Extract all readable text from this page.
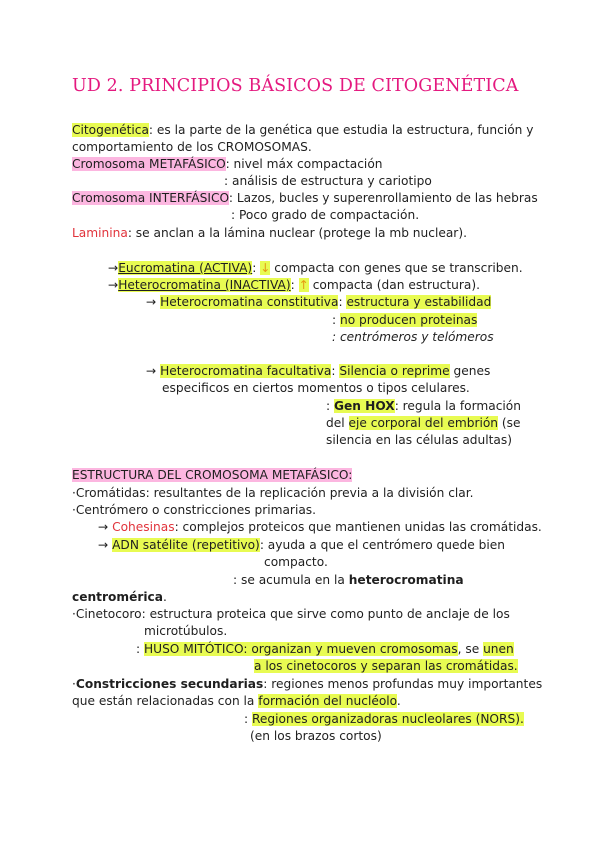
UD 2. PRINCIPIOS BÁSICOS DE CITOGENÉTICA
Citogenética: es la parte de la genética que estudia la estructura, función y
comportamiento de los CROMOSOMAS.
Cromosoma METAFÁSICO: nivel máx compactación
: análisis de estructura y cariotipo
Cromosoma INTERFÁSICO: Lazos, bucles y superenrollamiento de las hebras
: Poco grado de compactación.
Laminina: se anclan a la lámina nuclear (protege la mb nuclear).
→Eucromatina (ACTIVA): ↓ compacta con genes que se transcriben.
→Heterocromatina (INACTIVA): ↑ compacta (dan estructura).
→ Heterocromatina constitutiva: estructura y estabilidad
: no producen proteinas
: centrómeros y telómeros
→ Heterocromatina facultativa: Silencia o reprime genes
especificos en ciertos momentos o tipos celulares.
: Gen HOX: regula la formación
del eje corporal del embrión (se
silencia en las células adultas)
ESTRUCTURA DEL CROMOSOMA METAFÁSICO:
·Cromátidas: resultantes de la replicación previa a la división clar.
·Centrómero o constricciones primarias.
→ Cohesinas: complejos proteicos que mantienen unidas las cromátidas.
→ ADN satélite (repetitivo): ayuda a que el centrómero quede bien
compacto.
: se acumula en la heterocromatina
centromérica.
·Cinetocoro: estructura proteica que sirve como punto de anclaje de los
microtúbulos.
: HUSO MITÓTICO: organizan y mueven cromosomas, se unen
a los cinetocoros y separan las cromátidas.
·Constricciones secundarias: regiones menos profundas muy importantes
que están relacionadas con la formación del nucléolo.
: Regiones organizadoras nucleolares (NORS).
(en los brazos cortos)
